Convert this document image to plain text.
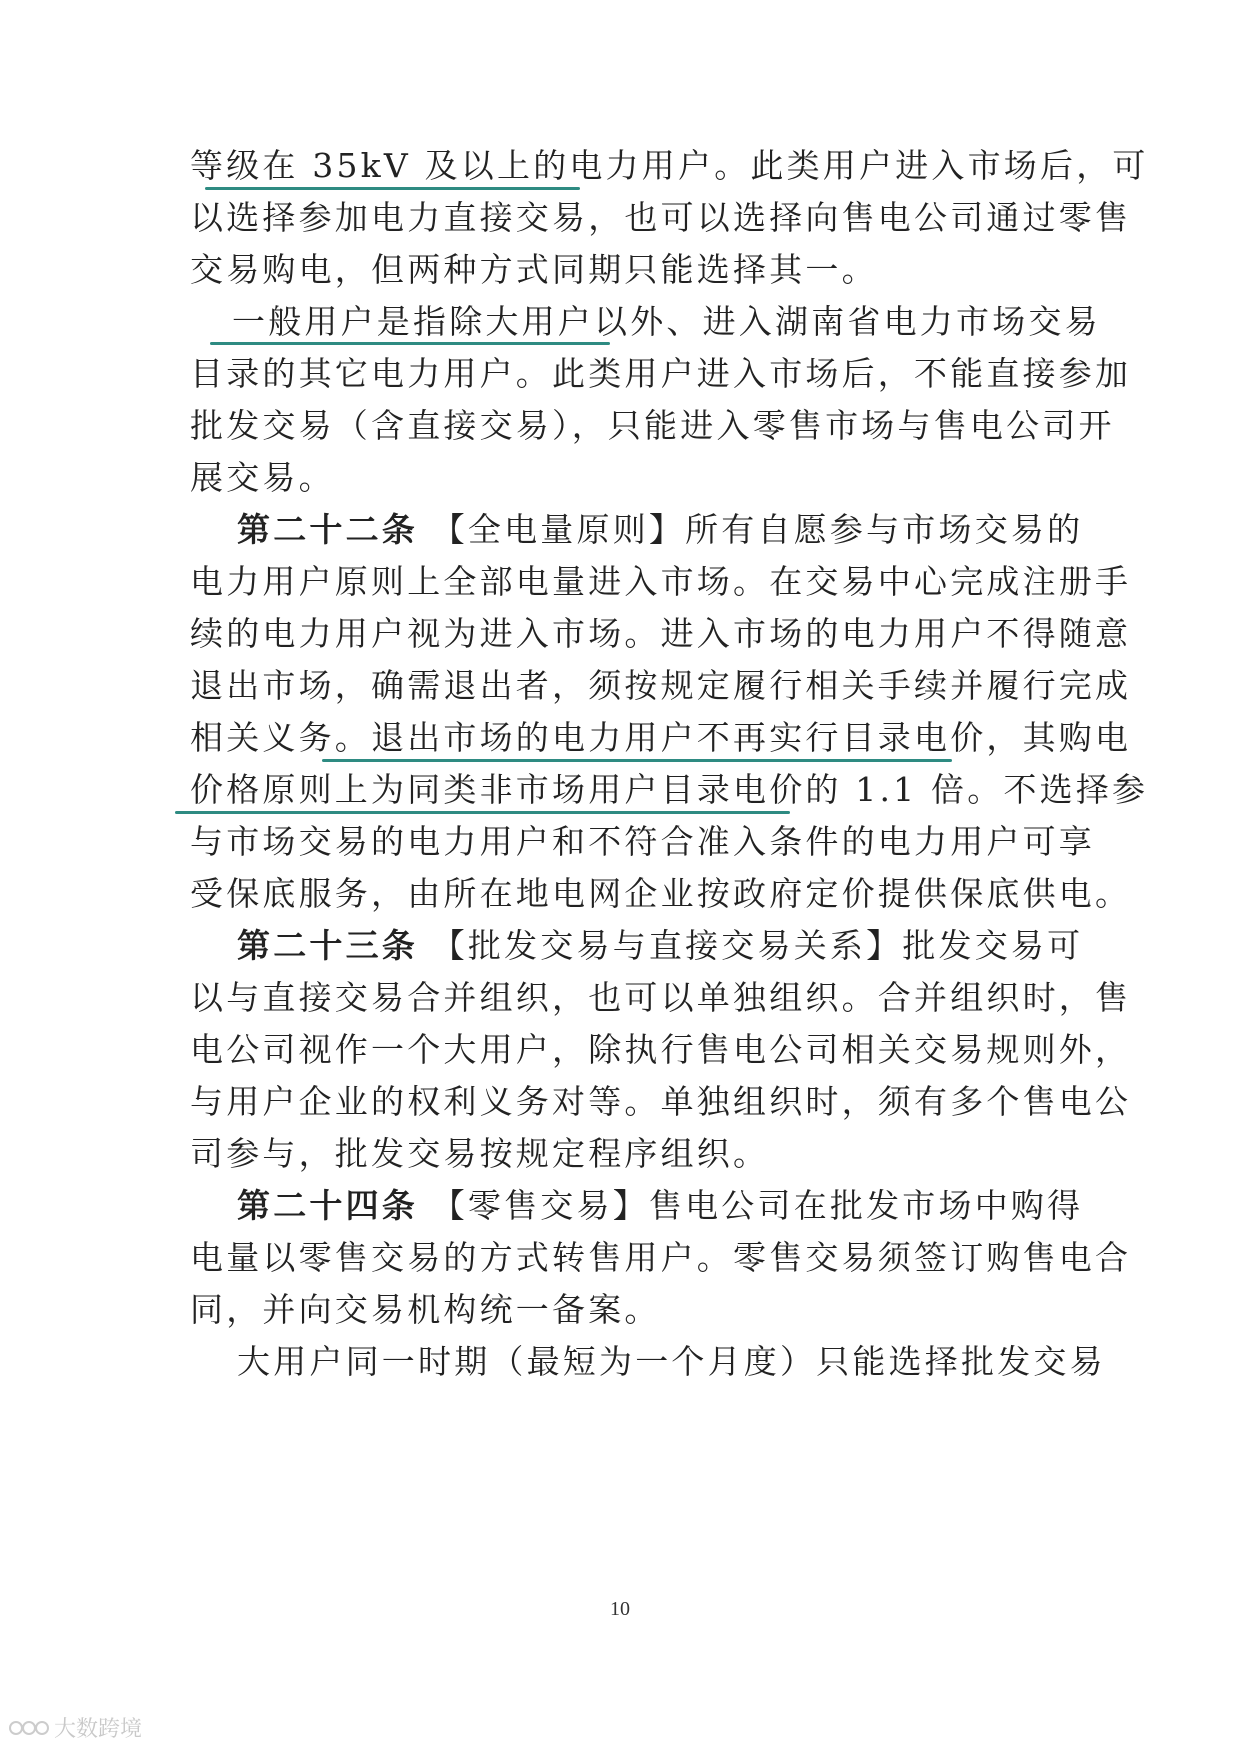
等级在 35kV 及以上的电力用户。此类用户进入市场后，可
以选择参加电力直接交易，也可以选择向售电公司通过零售
交易购电，但两种方式同期只能选择其一。
一般用户是指除大用户以外、进入湖南省电力市场交易
目录的其它电力用户。此类用户进入市场后，不能直接参加
批发交易（含直接交易），只能进入零售市场与售电公司开
展交易。
第二十二条 【全电量原则】所有自愿参与市场交易的
电力用户原则上全部电量进入市场。在交易中心完成注册手
续的电力用户视为进入市场。进入市场的电力用户不得随意
退出市场，确需退出者，须按规定履行相关手续并履行完成
相关义务。退出市场的电力用户不再实行目录电价，其购电
价格原则上为同类非市场用户目录电价的 1.1 倍。不选择参
与市场交易的电力用户和不符合准入条件的电力用户可享
受保底服务，由所在地电网企业按政府定价提供保底供电。
第二十三条 【批发交易与直接交易关系】批发交易可
以与直接交易合并组织，也可以单独组织。合并组织时，售
电公司视作一个大用户，除执行售电公司相关交易规则外，
与用户企业的权利义务对等。单独组织时，须有多个售电公
司参与，批发交易按规定程序组织。
第二十四条 【零售交易】售电公司在批发市场中购得
电量以零售交易的方式转售用户。零售交易须签订购售电合
同，并向交易机构统一备案。
大用户同一时期（最短为一个月度）只能选择批发交易
10
大数跨境
